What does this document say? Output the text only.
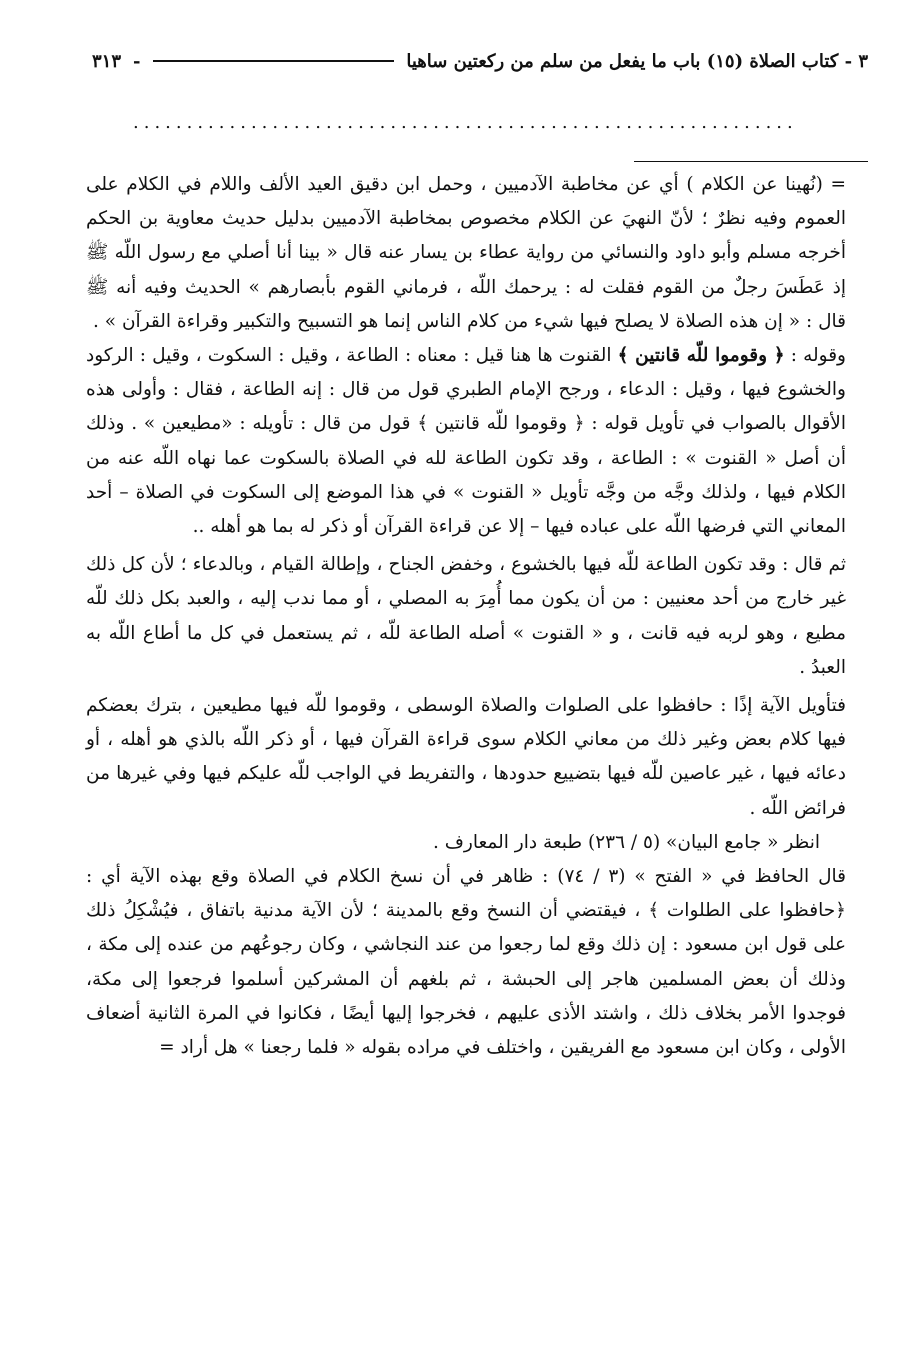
٣ - كتاب الصلاة (١٥) باب ما يفعل من سلم من ركعتين ساهيا
-
٣١٣
..............................................................

= (نُهينا عن الكلام ) أي عن مخاطبة الآدميين ، وحمل ابن دقيق العيد الألف واللام في الكلام على العموم وفيه نظرٌ ؛ لأنّ النهيَ عن الكلام مخصوص بمخاطبة الآدميين بدليل حديث معاوية بن الحكم أخرجه مسلم وأبو داود والنسائي من رواية عطاء بن يسار عنه قال « بينا أنا أصلي مع رسول اللّه ﷺ إذ عَطَسَ رجلٌ من القوم فقلت له : يرحمك اللّه ، فرماني القوم بأبصارهم » الحديث وفيه أنه ﷺ قال : « إن هذه الصلاة لا يصلح فيها شيء من كلام الناس إنما هو التسبيح والتكبير وقراءة القرآن » .

وقوله : ﴿ وقوموا للّه قانتين ﴾ القنوت ها هنا قيل : معناه : الطاعة ، وقيل : السكوت ، وقيل : الركود والخشوع فيها ، وقيل : الدعاء ، ورجح الإمام الطبري قول من قال : إنه الطاعة ، فقال : وأولى هذه الأقوال بالصواب في تأويل قوله : ﴿ وقوموا للّه قانتين ﴾ قول من قال : تأويله : «مطيعين » . وذلك أن أصل « القنوت » : الطاعة ، وقد تكون الطاعة لله في الصلاة بالسكوت عما نهاه اللّه عنه من الكلام فيها ، ولذلك وجَّه من وجَّه تأويل « القنوت » في هذا الموضع إلى السكوت في الصلاة – أحد المعاني التي فرضها اللّه على عباده فيها – إلا عن قراءة القرآن أو ذكر له بما هو أهله ..

ثم قال : وقد تكون الطاعة للّه فيها بالخشوع ، وخفض الجناح ، وإطالة القيام ، وبالدعاء ؛ لأن كل ذلك غير خارج من أحد معنيين : من أن يكون مما أُمِرَ به المصلي ، أو مما ندب إليه ، والعبد بكل ذلك للّه مطيع ، وهو لربه فيه قانت ، و « القنوت » أصله الطاعة للّه ، ثم يستعمل في كل ما أطاع اللّه به العبدُ .

فتأويل الآية إذًا : حافظوا على الصلوات والصلاة الوسطى ، وقوموا للّه فيها مطيعين ، بترك بعضكم فيها كلام بعض وغير ذلك من معاني الكلام سوى قراءة القرآن فيها ، أو ذكر اللّه بالذي هو أهله ، أو دعائه فيها ، غير عاصين للّه فيها بتضييع حدودها ، والتفريط في الواجب للّه عليكم فيها وفي غيرها من فرائض اللّه .

انظر « جامع البيان» (٥ / ٢٣٦) طبعة دار المعارف .

قال الحافظ في « الفتح » (٣ / ٧٤) : ظاهر في أن نسخ الكلام في الصلاة وقع بهذه الآية أي : ﴿حافظوا على الطلوات ﴾ ، فيقتضي أن النسخ وقع بالمدينة ؛ لأن الآية مدنية باتفاق ، فيُشْكِلُ ذلك على قول ابن مسعود : إن ذلك وقع لما رجعوا من عند النجاشي ، وكان رجوعُهم من عنده إلى مكة ، وذلك أن بعض المسلمين هاجر إلى الحبشة ، ثم بلغهم أن المشركين أسلموا فرجعوا إلى مكة، فوجدوا الأمر بخلاف ذلك ، واشتد الأذى عليهم ، فخرجوا إليها أيضًا ، فكانوا في المرة الثانية أضعاف الأولى ، وكان ابن مسعود مع الفريقين ، واختلف في مراده بقوله « فلما رجعنا » هل أراد =
